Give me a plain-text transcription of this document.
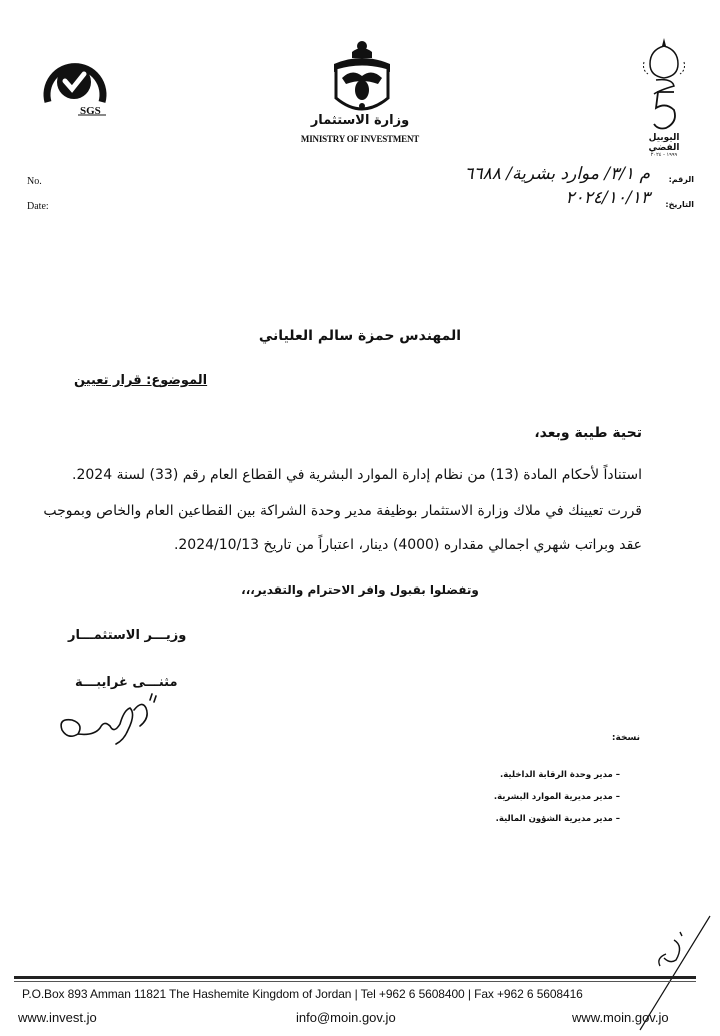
SGS
وزارة الاستثمار
MINISTRY OF INVESTMENT	اليوبيل الفضي
١٩٩٩ - ٢٠٢٤
No.
Date:
الرقم:
م ٣/١/ موارد بشرية/ ٦٦٨٨
التاريخ:
٢٠٢٤/١٠/١٣
المهندس حمزة سالم العلياني
الموضوع: قرار تعيين
تحية طيبة وبعد،
استناداً لأحكام المادة (13) من نظام إدارة الموارد البشرية في القطاع العام رقم (33) لسنة 2024.
قررت تعيينك في ملاك وزارة الاستثمار بوظيفة مدير وحدة الشراكة بين القطاعين العام والخاص وبموجب
عقد وبراتب شهري اجمالي مقداره (4000) دينار، اعتباراً من تاريخ 2024/10/13.
وتفضلوا بقبول وافر الاحترام والتقدير،،،
وزيـــر الاستثمـــار
مثنـــى غرايبـــة
نسخة:
– مدير وحدة الرقابة الداخلية.
– مدير مديرية الموارد البشرية.
– مدير مديرية الشؤون المالية.
P.O.Box 893 Amman 11821 The Hashemite Kingdom of Jordan | Tel +962 6 5608400 | Fax +962 6 5608416
www.invest.jo	info@moin.gov.jo	www.moin.gov.jo
